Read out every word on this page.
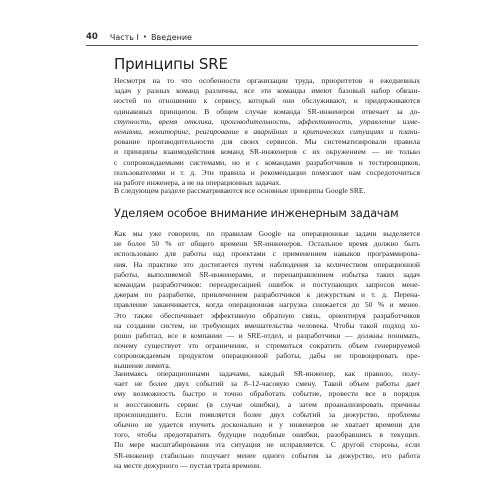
40 Часть I • Введение
Принципы SRE
Несмотря на то что особенности организации труда, приоритетов и ежедневных
задач у разных команд различны, все эти команды имеют базовый набор обязан-
ностей по отношению к сервису, который они обслуживают, и придерживаются
одинаковых принципов. В общем случае команда SR-инженеров отвечает за до-
ступность, время отклика, производительность, эффективность, управление изме-
нениями, мониторинг, реагирование в аварийных и критических ситуациях и плани-
рование производительности для своих сервисов. Мы систематизировали правила
и принципы взаимодействия команд SR-инженеров с их окружением — не только
с сопровождаемыми системами, но и с командами разработчиков и тестировщиков,
пользователями и т. д. Эти правила и рекомендации помогают нам сосредоточиться
на работе инженера, а не на операционных задачах.
В следующем разделе рассматриваются все основные принципы Google SRE.
Уделяем особое внимание инженерным задачам
Как мы уже говорили, по правилам Google на операционные задачи выделяется
не более 50 % от общего времени SR-инженеров. Остальное время должно быть
использовано для работы над проектами с применением навыков программирова-
ния. На практике это достигается путем наблюдения за количеством операционной
работы, выполняемой SR-инженерами, и перенаправлением избытка таких задач
командам разработчиков: переадресацией ошибок и поступающих запросов мене-
джерам по разработке, привлечением разработчиков к дежурствам и т. д. Перена-
правление заканчивается, когда операционная нагрузка снижается до 50 % и менее.
Это также обеспечивает эффективную обратную связь, ориентируя разработчиков
на создание систем, не требующих вмешательства человека. Чтобы такой подход хо-
рошо работал, все в компании — и SRE-отдел, и разработчики — должны понимать,
почему существует это ограничение, и стремиться сократить объем генерируемой
сопровождаемым продуктом операционной работы, дабы не провоцировать пре-
вышение лимита.
Занимаясь операционными задачами, каждый SR-инженер, как правило, полу-
чает не более двух событий за 8–12-часовую смену. Такой объем работы дает
ему возможность быстро и точно обработать событие, провести все в порядок
и восстановить сервис (в случае ошибки), а затем проанализировать причины
произошедшего. Если появляется более двух событий за дежурство, проблемы
обычно не удается изучить досконально и у инженеров не хватает времени для
того, чтобы предотвратить будущие подобные ошибки, разобравшись в текущих.
По мере масштабирования эта ситуация не исправляется. С другой стороны, если
SR-инженер стабильно получает менее одного события за дежурство, его работа
на месте дежурного — пустая трата времени.
